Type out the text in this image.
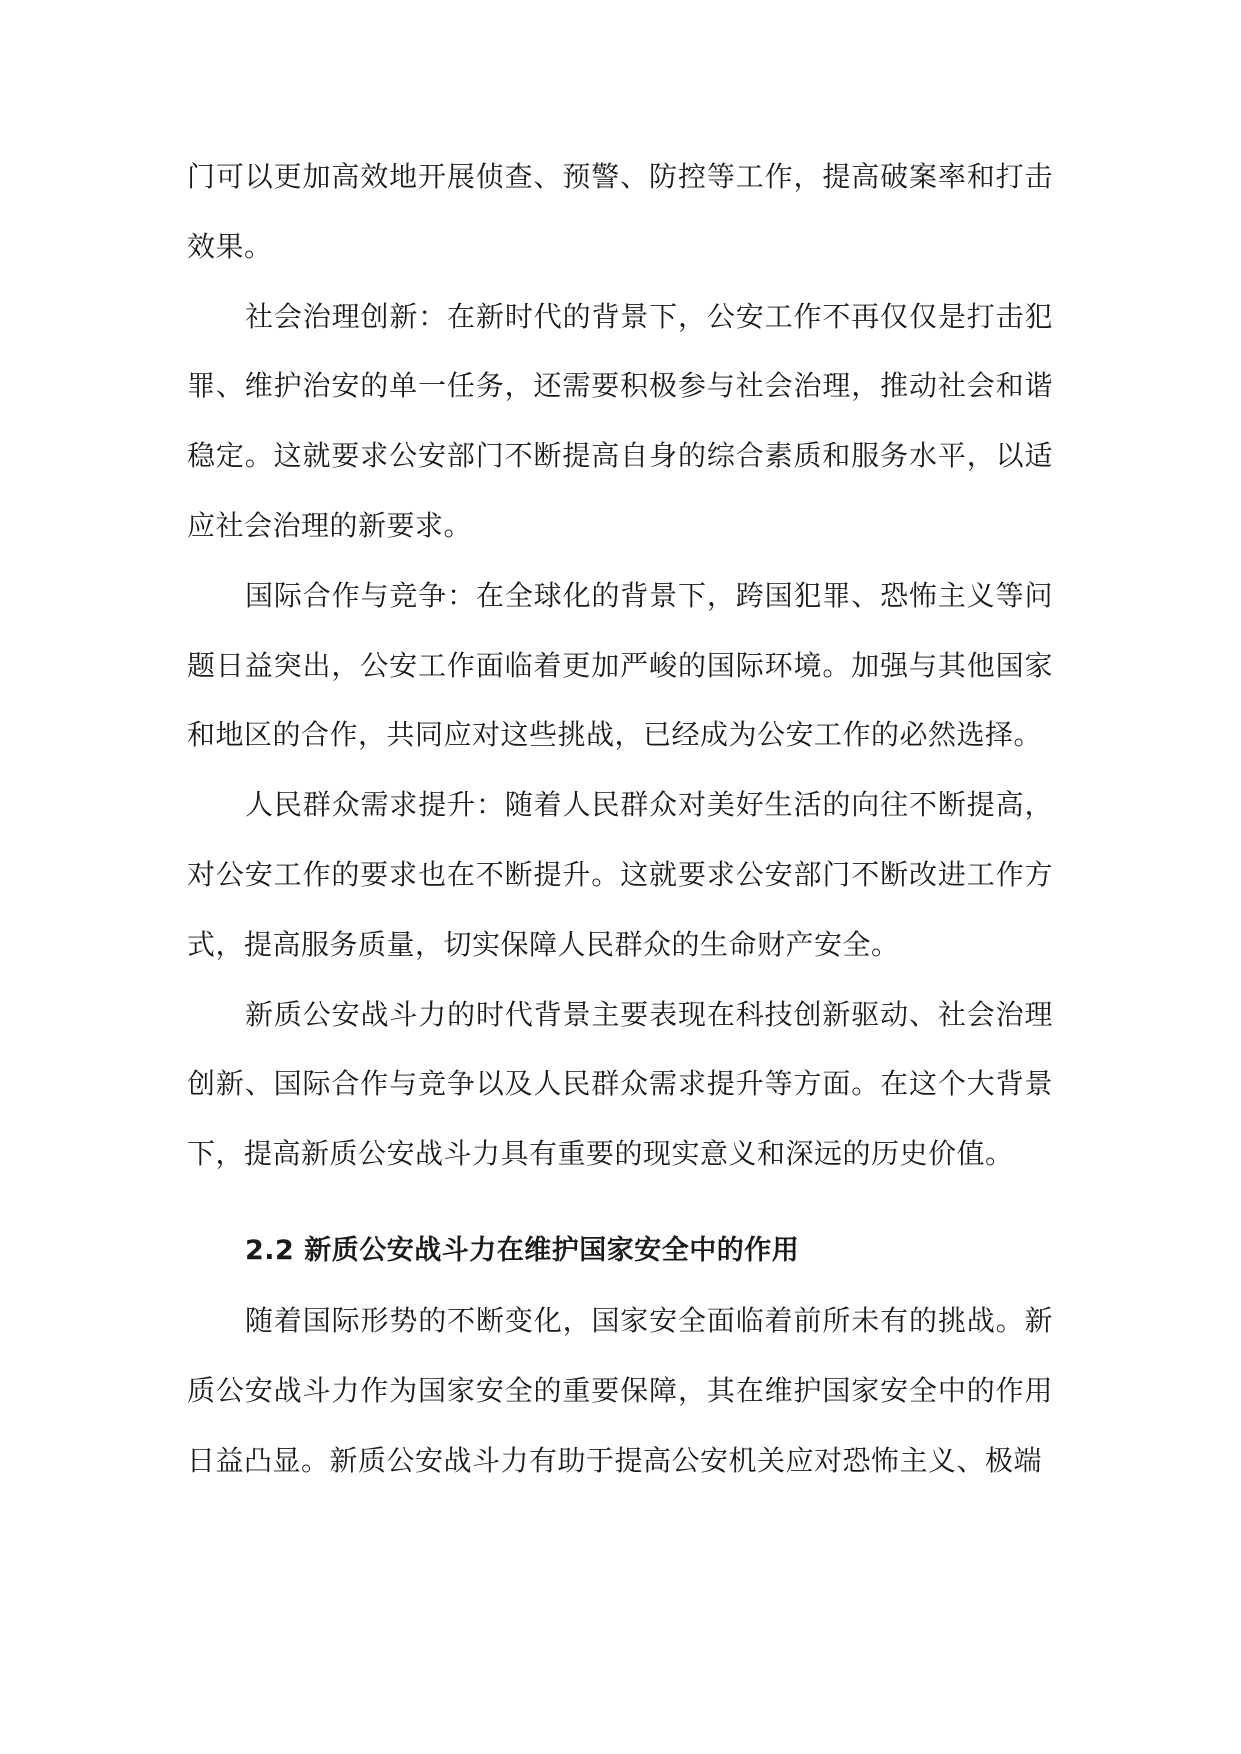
门可以更加高效地开展侦查、预警、防控等工作，提高破案率和打击效果。

社会治理创新：在新时代的背景下，公安工作不再仅仅是打击犯罪、维护治安的单一任务，还需要积极参与社会治理，推动社会和谐稳定。这就要求公安部门不断提高自身的综合素质和服务水平，以适应社会治理的新要求。

国际合作与竞争：在全球化的背景下，跨国犯罪、恐怖主义等问题日益突出，公安工作面临着更加严峻的国际环境。加强与其他国家和地区的合作，共同应对这些挑战，已经成为公安工作的必然选择。

人民群众需求提升：随着人民群众对美好生活的向往不断提高，对公安工作的要求也在不断提升。这就要求公安部门不断改进工作方式，提高服务质量，切实保障人民群众的生命财产安全。

新质公安战斗力的时代背景主要表现在科技创新驱动、社会治理创新、国际合作与竞争以及人民群众需求提升等方面。在这个大背景下，提高新质公安战斗力具有重要的现实意义和深远的历史价值。

2.2 新质公安战斗力在维护国家安全中的作用

随着国际形势的不断变化，国家安全面临着前所未有的挑战。新质公安战斗力作为国家安全的重要保障，其在维护国家安全中的作用日益凸显。新质公安战斗力有助于提高公安机关应对恐怖主义、极端
